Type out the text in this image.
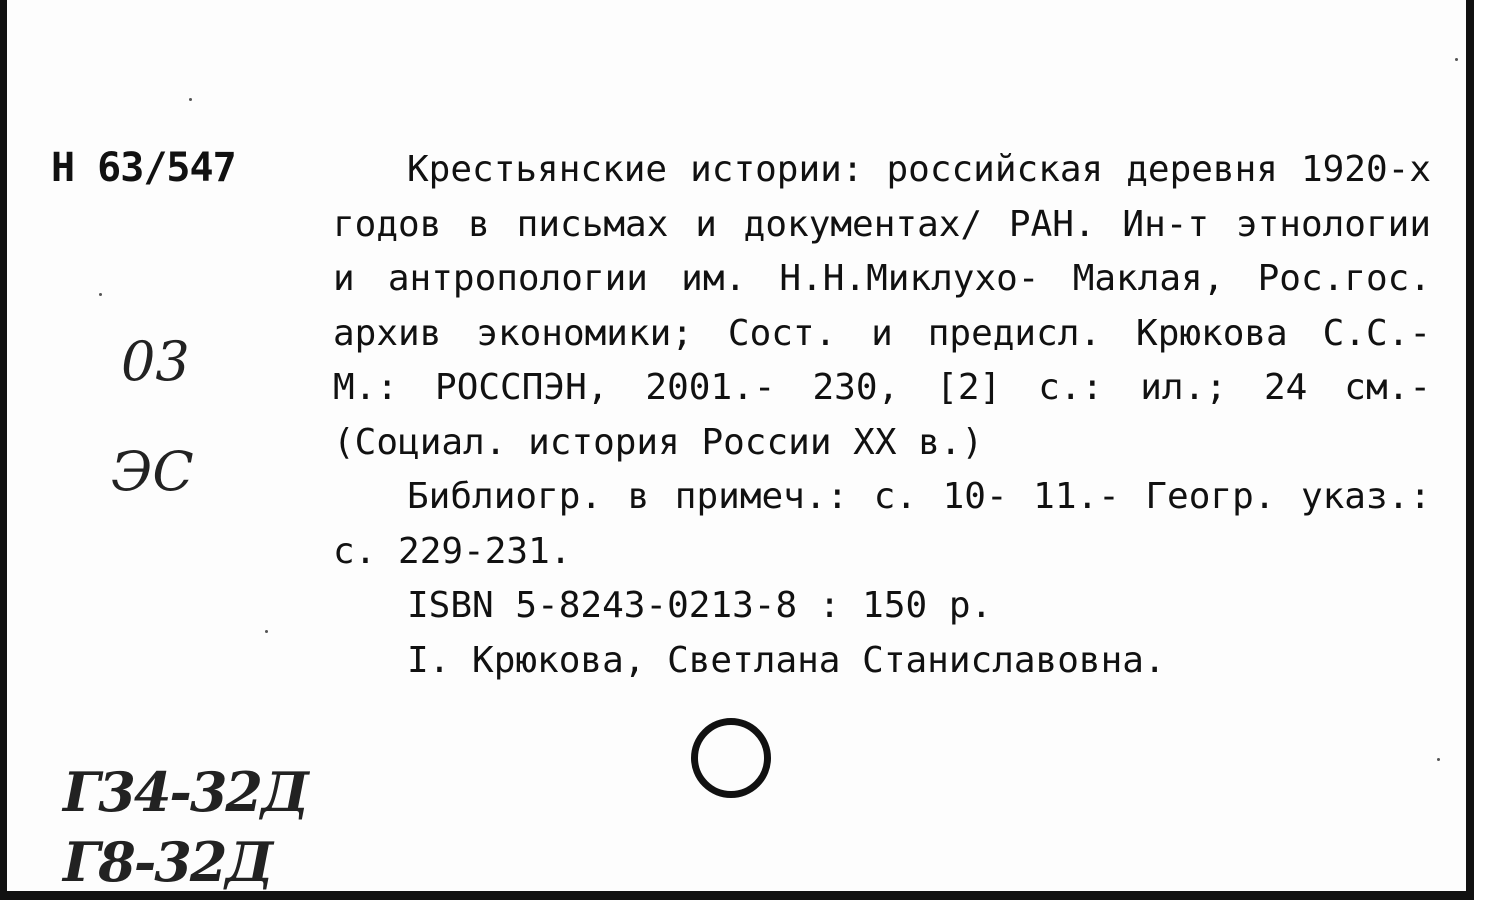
Н 63/547
03
ЭС
Г34-32Д
Г8-32Д

Крестьянские истории: российская деревня 1920-х годов в письмах и документах/ РАН. Ин-т этнологии и антропологии им. Н.Н.Миклухо- Маклая, Рос.гос. архив экономики; Сост. и предисл. Крюкова С.С.- М.: РОССПЭН, 2001.- 230, [2] с.: ил.; 24 см.- (Социал. история России ХХ в.)

Библиогр. в примеч.: с. 10- 11.- Геогр. указ.: с. 229-231.

ISBN 5-8243-0213-8 : 150 р.

I. Крюкова, Светлана Станиславовна.
